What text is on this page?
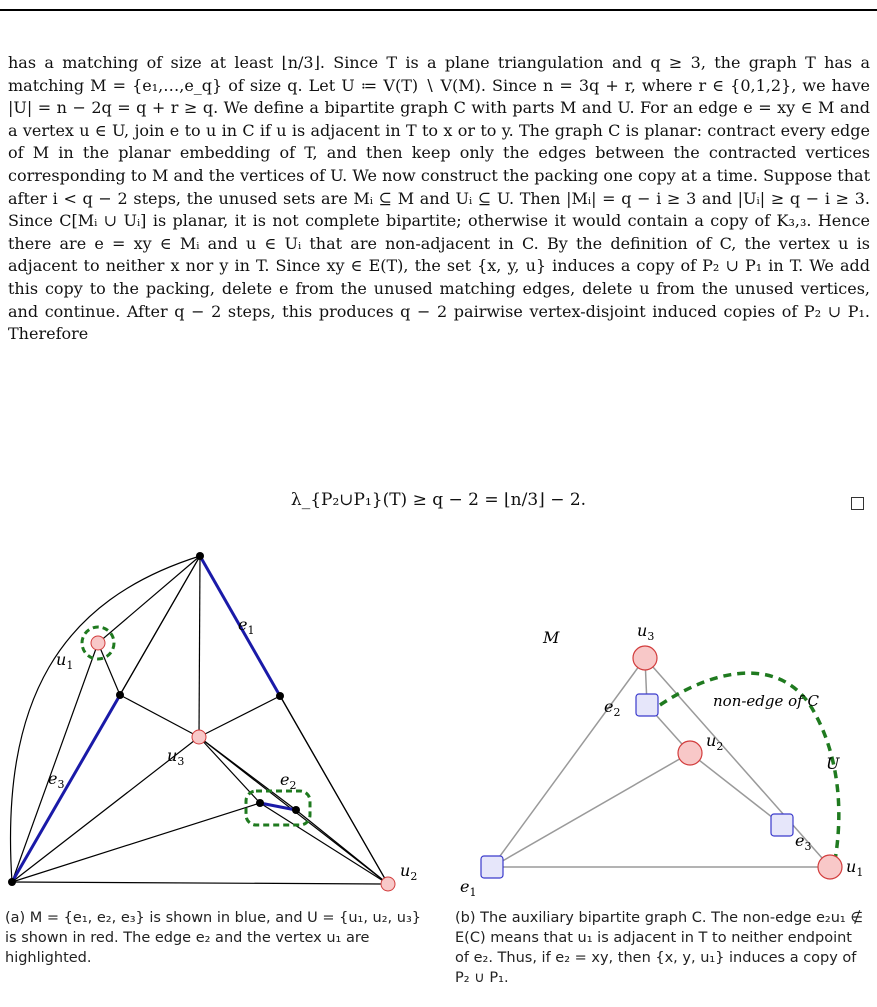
has a matching of size at least ⌊n/3⌋. Since T is a plane triangulation and q ≥ 3, the graph T has a matching M = {e₁,…,e_q} of size q. Let U ≔ V(T) ∖ V(M). Since n = 3q + r, where r ∈ {0,1,2}, we have |U| = n − 2q = q + r ≥ q. We define a bipartite graph C with parts M and U. For an edge e = xy ∈ M and a vertex u ∈ U, join e to u in C if u is adjacent in T to x or to y. The graph C is planar: contract every edge of M in the planar embedding of T, and then keep only the edges between the contracted vertices corresponding to M and the vertices of U. We now construct the packing one copy at a time. Suppose that after i < q − 2 steps, the unused sets are Mᵢ ⊆ M and Uᵢ ⊆ U. Then |Mᵢ| = q − i ≥ 3 and |Uᵢ| ≥ q − i ≥ 3. Since C[Mᵢ ∪ Uᵢ] is planar, it is not complete bipartite; otherwise it would contain a copy of K₃,₃. Hence there are e = xy ∈ Mᵢ and u ∈ Uᵢ that are non-adjacent in C. By the definition of C, the vertex u is adjacent to neither x nor y in T. Since xy ∈ E(T), the set {x, y, u} induces a copy of P₂ ∪ P₁ in T. We add this copy to the packing, delete e from the unused matching edges, delete u from the unused vertices, and continue. After q − 2 steps, this produces q − 2 pairwise vertex-disjoint induced copies of P₂ ∪ P₁. Therefore

λ_{P₂∪P₁}(T) ≥ q − 2 = ⌊n/3⌋ − 2.
$e_1$
$e_2$
$e_3$
$u_1$
$u_3$
$u_2$
M
U
non-edge of C
$u_3$
$u_2$
$u_1$
$e_2$
$e_3$
$e_1$
(a) M = {e₁, e₂, e₃} is shown in blue, and U = {u₁, u₂, u₃} is shown in red. The edge e₂ and the vertex u₁ are highlighted.
(b) The auxiliary bipartite graph C. The non-edge e₂u₁ ∉ E(C) means that u₁ is adjacent in T to neither endpoint of e₂. Thus, if e₂ = xy, then {x, y, u₁} induces a copy of P₂ ∪ P₁.
